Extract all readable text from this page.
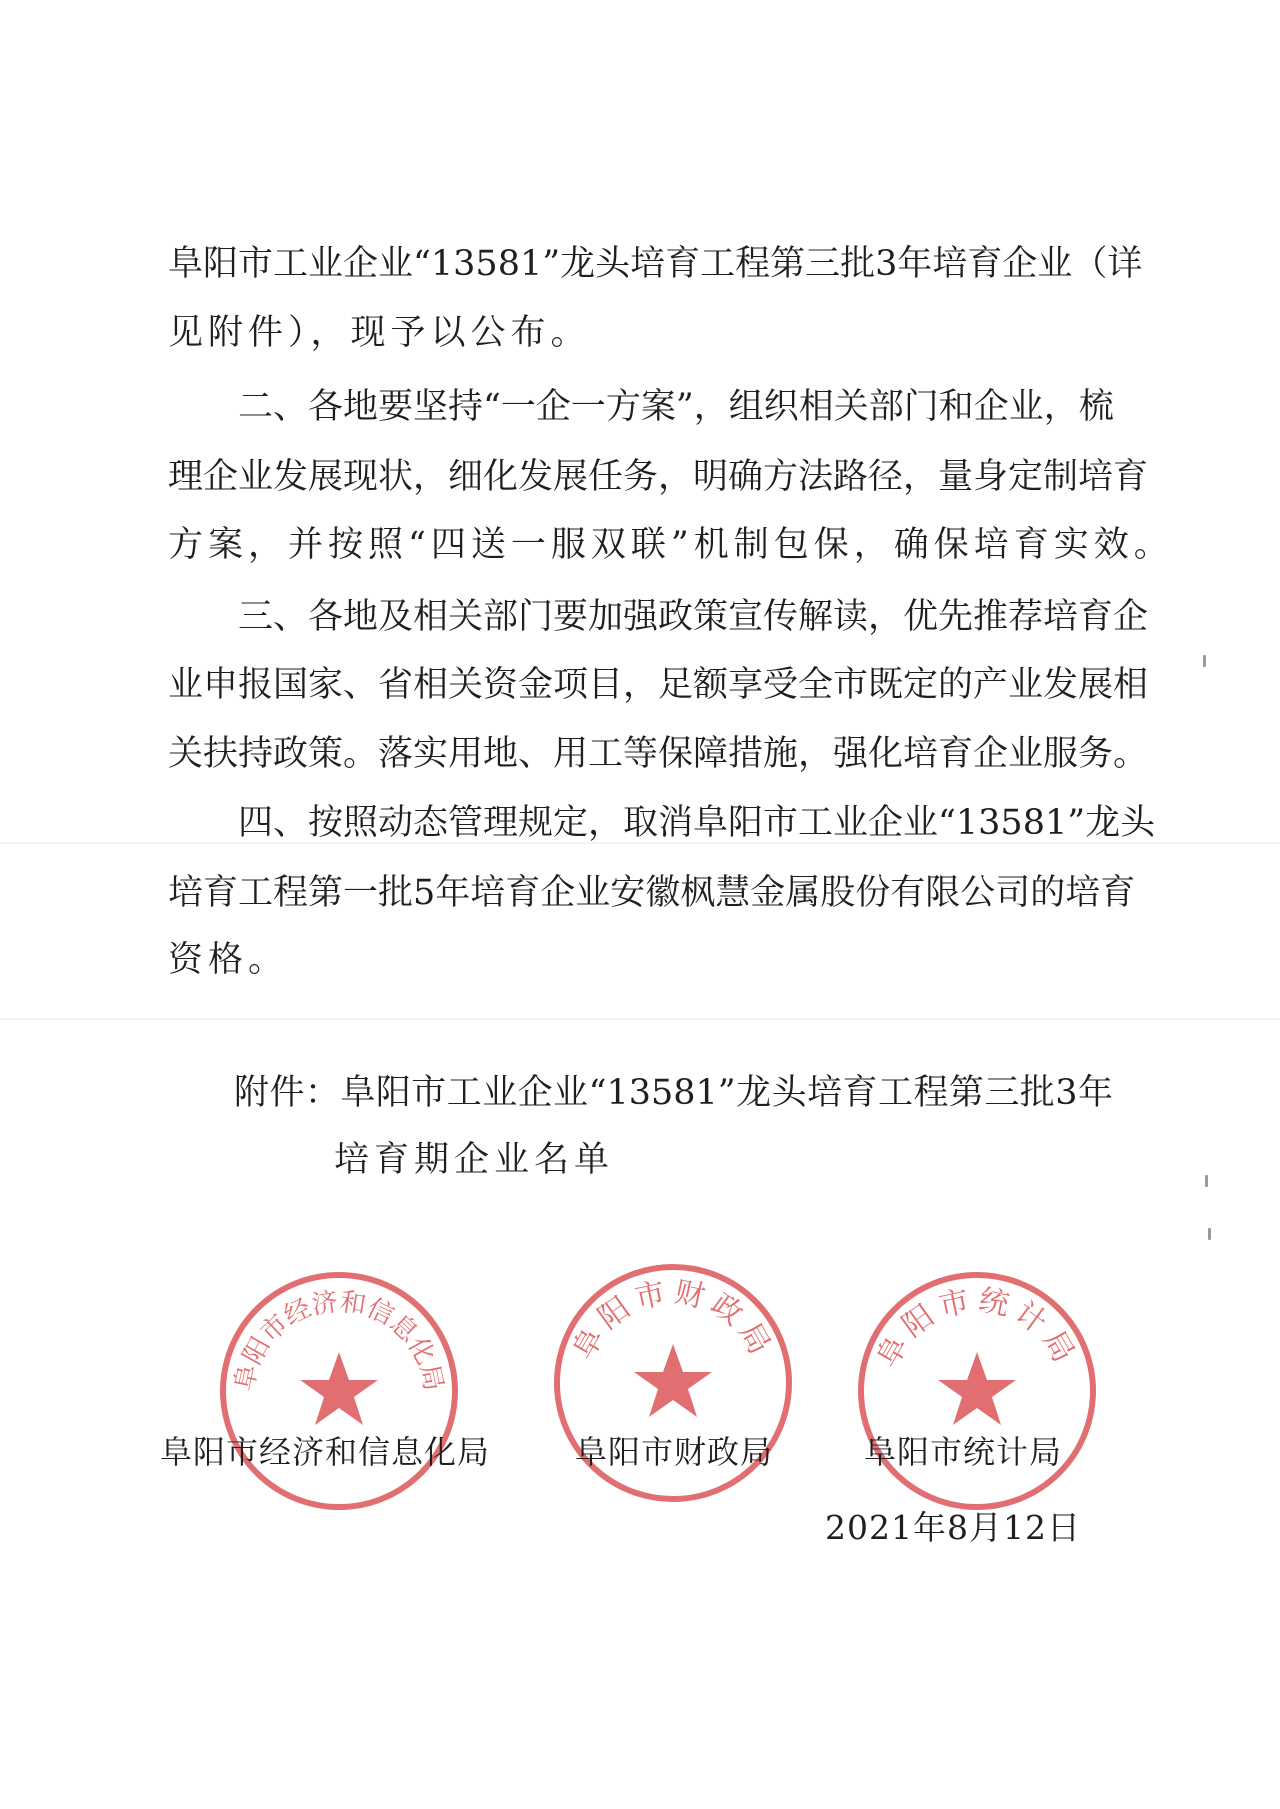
阜阳市工业企业“13581”龙头培育工程第三批3年培育企业（详
见附件），现予以公布。
二、各地要坚持“一企一方案”，组织相关部门和企业，梳
理企业发展现状，细化发展任务，明确方法路径，量身定制培育
方案，并按照“四送一服双联”机制包保，确保培育实效。
三、各地及相关部门要加强政策宣传解读，优先推荐培育企
业申报国家、省相关资金项目，足额享受全市既定的产业发展相
关扶持政策。落实用地、用工等保障措施，强化培育企业服务。
四、按照动态管理规定，取消阜阳市工业企业“13581”龙头
培育工程第一批5年培育企业安徽枫慧金属股份有限公司的培育
资格。
附件：阜阳市工业企业“13581”龙头培育工程第三批3年
培育期企业名单
阜阳市经济和信息化局
阜阳市财政局	阜阳市统计局
阜阳市经济和信息化局	阜阳市财政局	阜阳市统计局
2021年8月12日
